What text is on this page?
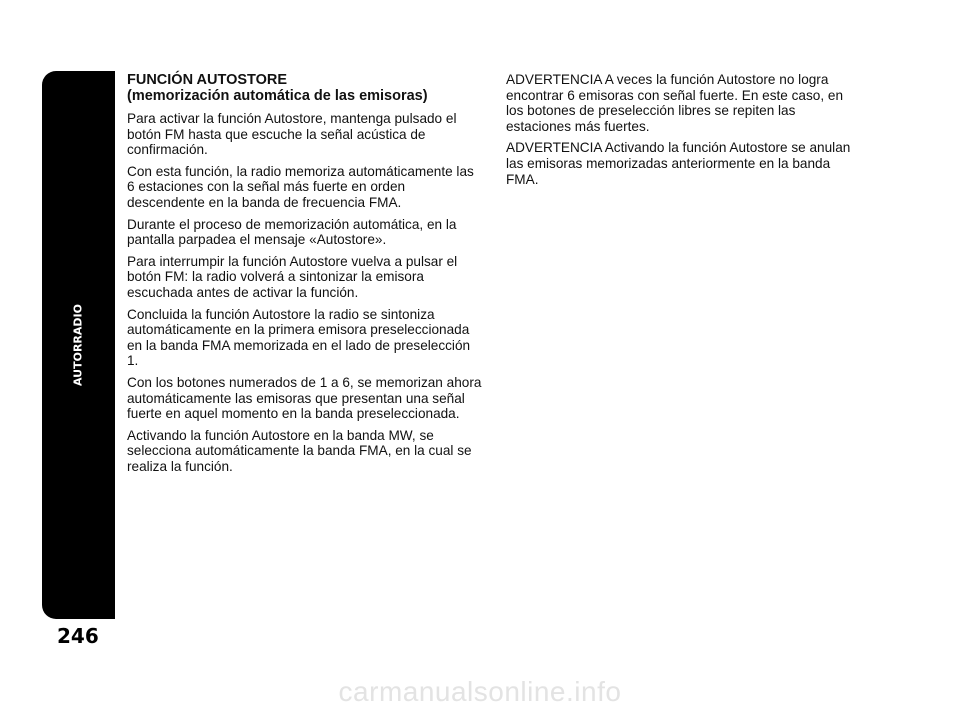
AUTORRADIO
246
FUNCIÓN AUTOSTORE
(memorización automática de las emisoras)

Para activar la función Autostore, mantenga pulsado el botón FM hasta que escuche la señal acústica de confirmación.

Con esta función, la radio memoriza automáticamente las 6 estaciones con la señal más fuerte en orden descendente en la banda de frecuencia FMA.

Durante el proceso de memorización automática, en la pantalla parpadea el mensaje «Autostore».

Para interrumpir la función Autostore vuelva a pulsar el botón FM: la radio volverá a sintonizar la emisora escuchada antes de activar la función.

Concluida la función Autostore la radio se sintoniza automáticamente en la primera emisora preseleccionada en la banda FMA memorizada en el lado de preselección 1.

Con los botones numerados de 1 a 6, se memorizan ahora automáticamente las emisoras que presentan una señal fuerte en aquel momento en la banda preseleccionada.

Activando la función Autostore en la banda MW, se selecciona automáticamente la banda FMA, en la cual se realiza la función.

ADVERTENCIA A veces la función Autostore no logra encontrar 6 emisoras con señal fuerte. En este caso, en los botones de preselección libres se repiten las estaciones más fuertes.

ADVERTENCIA Activando la función Autostore se anulan las emisoras memorizadas anteriormente en la banda FMA.

carmanualsonline.info
